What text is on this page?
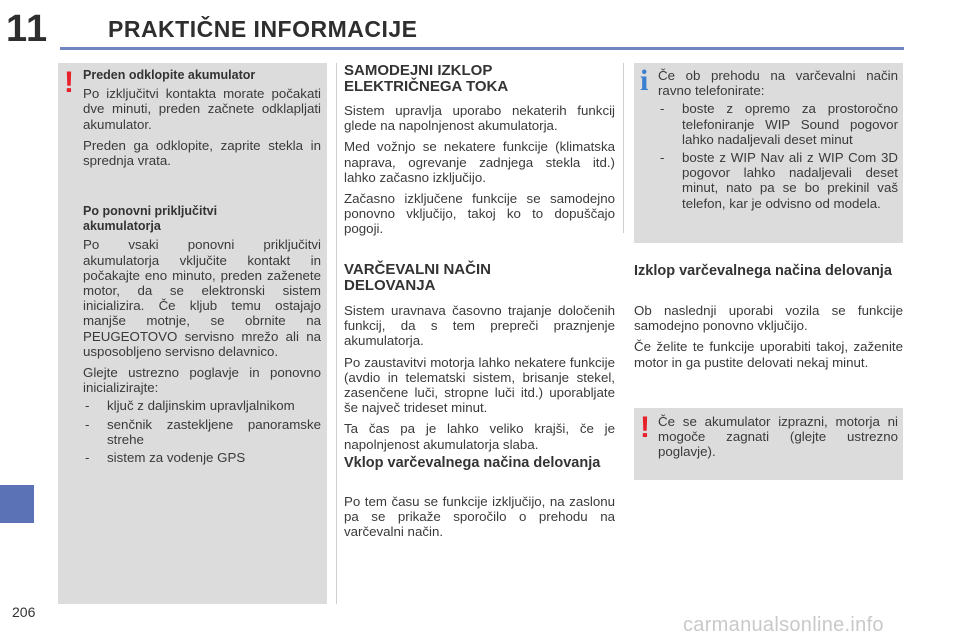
11	PRAKTIČNE INFORMACIJE
! Preden odklopite akumulator

Po izključitvi kontakta morate počakati dve minuti, preden začnete odklapljati akumulator.

Preden ga odklopite, zaprite stekla in sprednja vrata.

Po ponovni priključitvi akumulatorja

Po vsaki ponovni priključitvi akumulatorja vključite kontakt in počakajte eno minuto, preden zaženete motor, da se elektronski sistem inicializira. Če kljub temu ostajajo manjše motnje, se obrnite na PEUGEOTOVO servisno mrežo ali na usposobljeno servisno delavnico.

Glejte ustrezno poglavje in ponovno inicializirajte:

- ključ z daljinskim upravljalnikom
- senčnik zastekljene panoramske strehe
- sistem za vodenje GPS
SAMODEJNI IZKLOP ELEKTRIČNEGA TOKA

Sistem upravlja uporabo nekaterih funkcij glede na napolnjenost akumulatorja.

Med vožnjo se nekatere funkcije (klimatska naprava, ogrevanje zadnjega stekla itd.) lahko začasno izključijo.

Začasno izključene funkcije se samodejno ponovno vključijo, takoj ko to dopuščajo pogoji.

VARČEVALNI NAČIN DELOVANJA

Sistem uravnava časovno trajanje določenih funkcij, da s tem prepreči praznjenje akumulatorja.

Po zaustavitvi motorja lahko nekatere funkcije (avdio in telematski sistem, brisanje stekel, zasenčene luči, stropne luči itd.) uporabljate še največ trideset minut.

Ta čas pa je lahko veliko krajši, če je napolnjenost akumulatorja slaba.

Vklop varčevalnega načina delovanja

Po tem času se funkcije izključijo, na zaslonu pa se prikaže sporočilo o prehodu na varčevalni način.

i Če ob prehodu na varčevalni način ravno telefonirate:

- boste z opremo za prostoročno telefoniranje WIP Sound pogovor lahko nadaljevali deset minut
- boste z WIP Nav ali z WIP Com 3D pogovor lahko nadaljevali deset minut, nato pa se bo prekinil vaš telefon, kar je odvisno od modela.
Izklop varčevalnega načina delovanja

Ob naslednji uporabi vozila se funkcije samodejno ponovno vključijo.

Če želite te funkcije uporabiti takoj, zaženite motor in ga pustite delovati nekaj minut.

! Če se akumulator izprazni, motorja ni mogoče zagnati (glejte ustrezno poglavje).
206
carmanualsonline.info
